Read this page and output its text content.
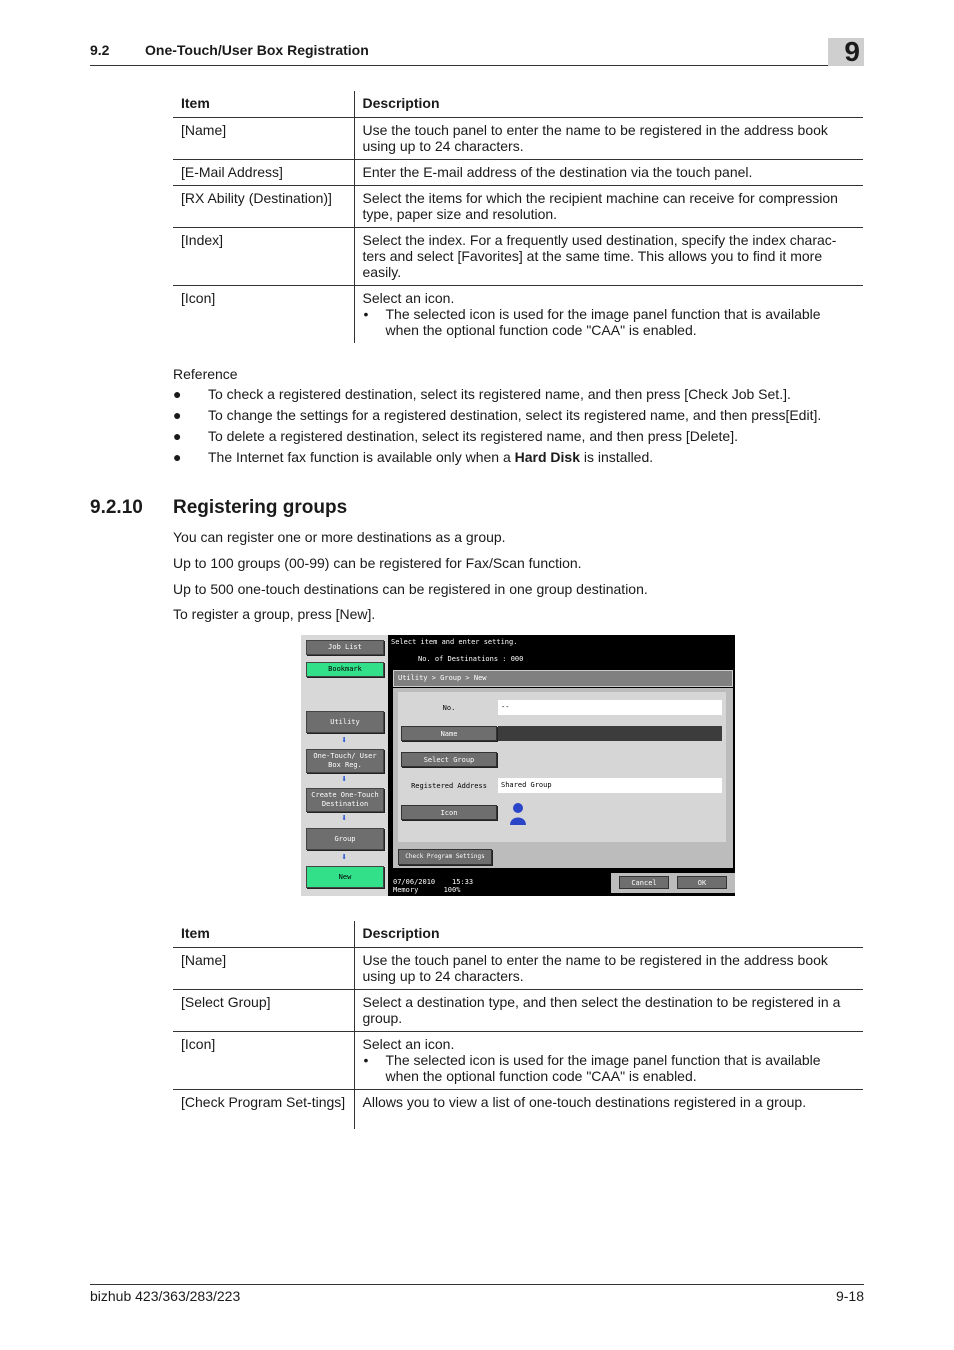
9.2	One-Touch/User Box Registration	9
Item	Description
[Name]	Use the touch panel to enter the name to be registered in the address book using up to 24 characters.
[E-Mail Address]	Enter the E-mail address of the destination via the touch panel.
[RX Ability (Destination)]	Select the items for which the recipient machine can receive for compression type, paper size and resolution.
[Index]	Select the index. For a frequently used destination, specify the index charac-ters and select [Favorites] at the same time. This allows you to find it more easily.
[Icon]	Select an icon.
• The selected icon is used for the image panel function that is available when the optional function code "CAA" is enabled.
Reference
● To check a registered destination, select its registered name, and then press [Check Job Set.].
● To change the settings for a registered destination, select its registered name, and then press[Edit].
● To delete a registered destination, select its registered name, and then press [Delete].
● The Internet fax function is available only when a Hard Disk is installed.
9.2.10 Registering groups
You can register one or more destinations as a group.
Up to 100 groups (00-99) can be registered for Fax/Scan function.
Up to 500 one-touch destinations can be registered in one group destination.
To register a group, press [New].
Job List
Bookmark
Utility
⬇
One-Touch/ User Box Reg.
⬇
Create One-Touch Destination
⬇
Group
⬇
New
Select item and enter setting.
No. of Destinations : 000
Utility > Group > New
No.	--
Name
Select Group
Registered Address	Shared Group
Icon
Check Program Settings
07/06/2010 15:33
Memory	100%
Cancel	OK
Item	Description
[Name]	Use the touch panel to enter the name to be registered in the address book using up to 24 characters.
[Select Group]	Select a destination type, and then select the destination to be registered in a group.
[Icon]	Select an icon.
• The selected icon is used for the image panel function that is available when the optional function code "CAA" is enabled.

[Check Program Set-tings]	Allows you to view a list of one-touch destinations registered in a group.
bizhub 423/363/283/223	9-18
